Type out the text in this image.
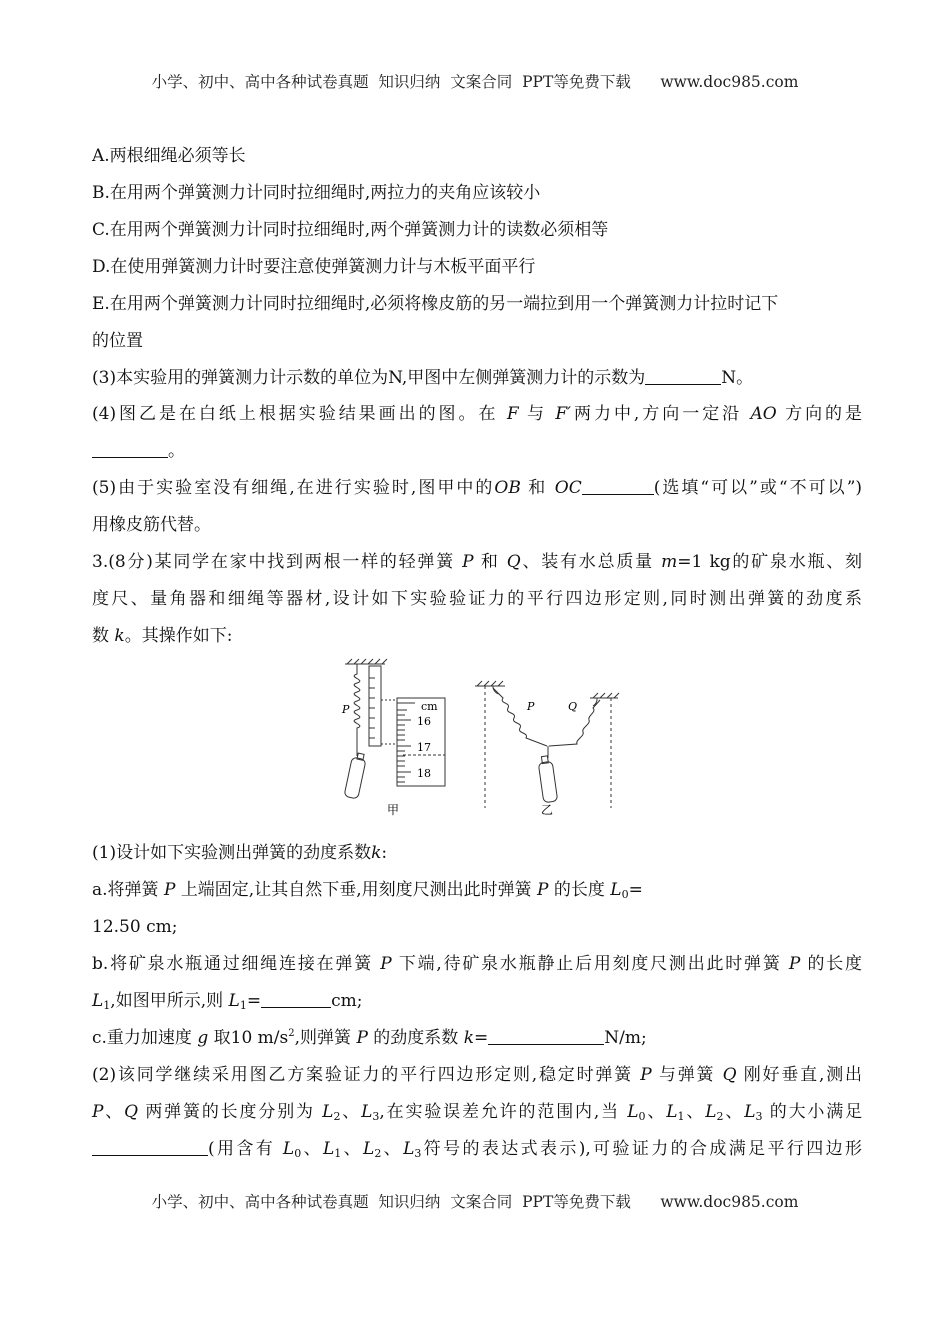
小学、初中、高中各种试卷真题  知识归纳  文案合同  PPT等免费下载      www.doc985.com
A.两根细绳必须等长
B.在用两个弹簧测力计同时拉细绳时,两拉力的夹角应该较小
C.在用两个弹簧测力计同时拉细绳时,两个弹簧测力计的读数必须相等
D.在使用弹簧测力计时要注意使弹簧测力计与木板平面平行
E.在用两个弹簧测力计同时拉细绳时,必须将橡皮筋的另一端拉到用一个弹簧测力计拉时记下
的位置
(3)本实验用的弹簧测力计示数的单位为N,甲图中左侧弹簧测力计的示数为	N。
(4)图乙是在白纸上根据实验结果画出的图。在 F 与 F′两力中,方向一定沿 AO 方向的是
。
(5)由于实验室没有细绳,在进行实验时,图甲中的OB 和 OC	(选填“可以”或“不可以”)
用橡皮筋代替。
3.(8分)某同学在家中找到两根一样的轻弹簧 P 和 Q、装有水总质量 m=1 kg的矿泉水瓶、刻
度尺、量角器和细绳等器材,设计如下实验验证力的平行四边形定则,同时测出弹簧的劲度系
数 k。其操作如下:
cm
16
17
18
P
甲
P	Q
乙
(1)设计如下实验测出弹簧的劲度系数k:
a.将弹簧 P 上端固定,让其自然下垂,用刻度尺测出此时弹簧 P 的长度 $L_0=$
12.50 cm;
b.将矿泉水瓶通过细绳连接在弹簧 P 下端,待矿泉水瓶静止后用刻度尺测出此时弹簧 P 的长度
$L_1$,如图甲所示,则 $L_1=$	cm;
c.重力加速度 g 取10 $m/s^2$,则弹簧 P 的劲度系数 k=	N/m;
(2)该同学继续采用图乙方案验证力的平行四边形定则,稳定时弹簧 P 与弹簧 Q 刚好垂直,测出
P、Q 两弹簧的长度分别为 $L_2$、$L_3$,在实验误差允许的范围内,当 $L_0$、$L_1$、$L_2$、$L_3$ 的大小满足
(用含有 $L_0$、$L_1$、$L_2$、$L_3$符号的表达式表示),可验证力的合成满足平行四边形
小学、初中、高中各种试卷真题  知识归纳  文案合同  PPT等免费下载      www.doc985.com
